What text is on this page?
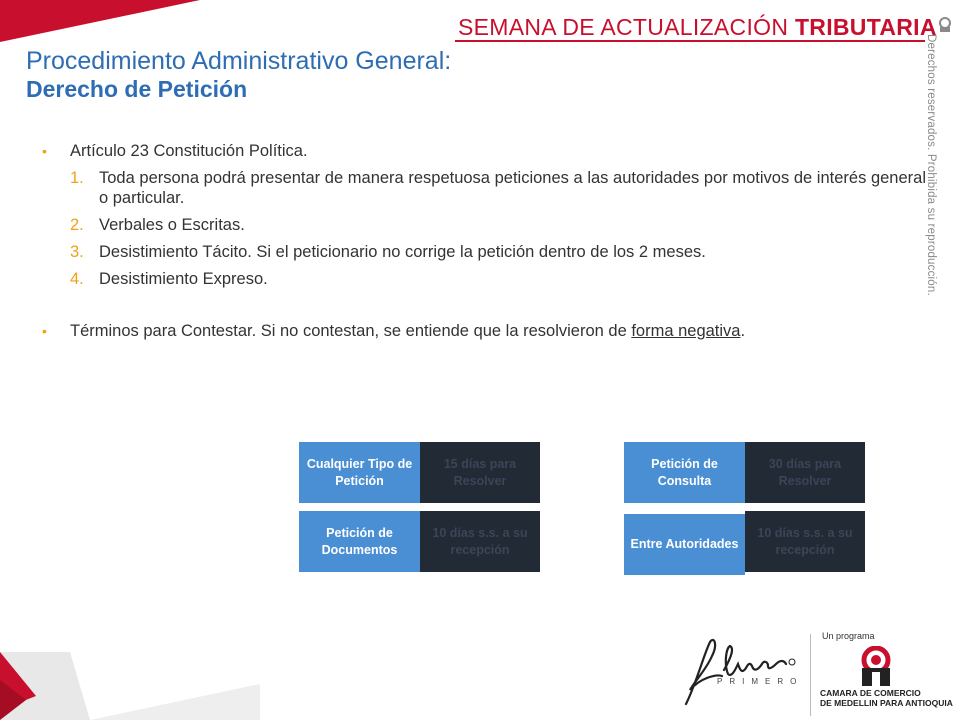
SEMANA DE ACTUALIZACIÓN TRIBUTARIA
Derechos reservados. Prohibida su reproducción.
Procedimiento Administrativo General:
Derecho de Petición
• Artículo 23 Constitución Política.
1. Toda persona podrá presentar de manera respetuosa peticiones a las autoridades por motivos de interés general o particular.
2. Verbales o Escritas.
3. Desistimiento Tácito. Si el peticionario no corrige la petición dentro de los 2 meses.
4. Desistimiento Expreso.
• Términos para Contestar. Si no contestan, se entiende que la resolvieron de forma negativa.
Cualquier Tipo de Petición
15 días para Resolver
Petición de Documentos
10 días s.s. a su recepción
Petición de Consulta
30 días para Resolver
Entre Autoridades
10 días s.s. a su recepción
PRIMERO
Un programa
CAMARA DE COMERCIO
DE MEDELLIN PARA ANTIOQUIA
